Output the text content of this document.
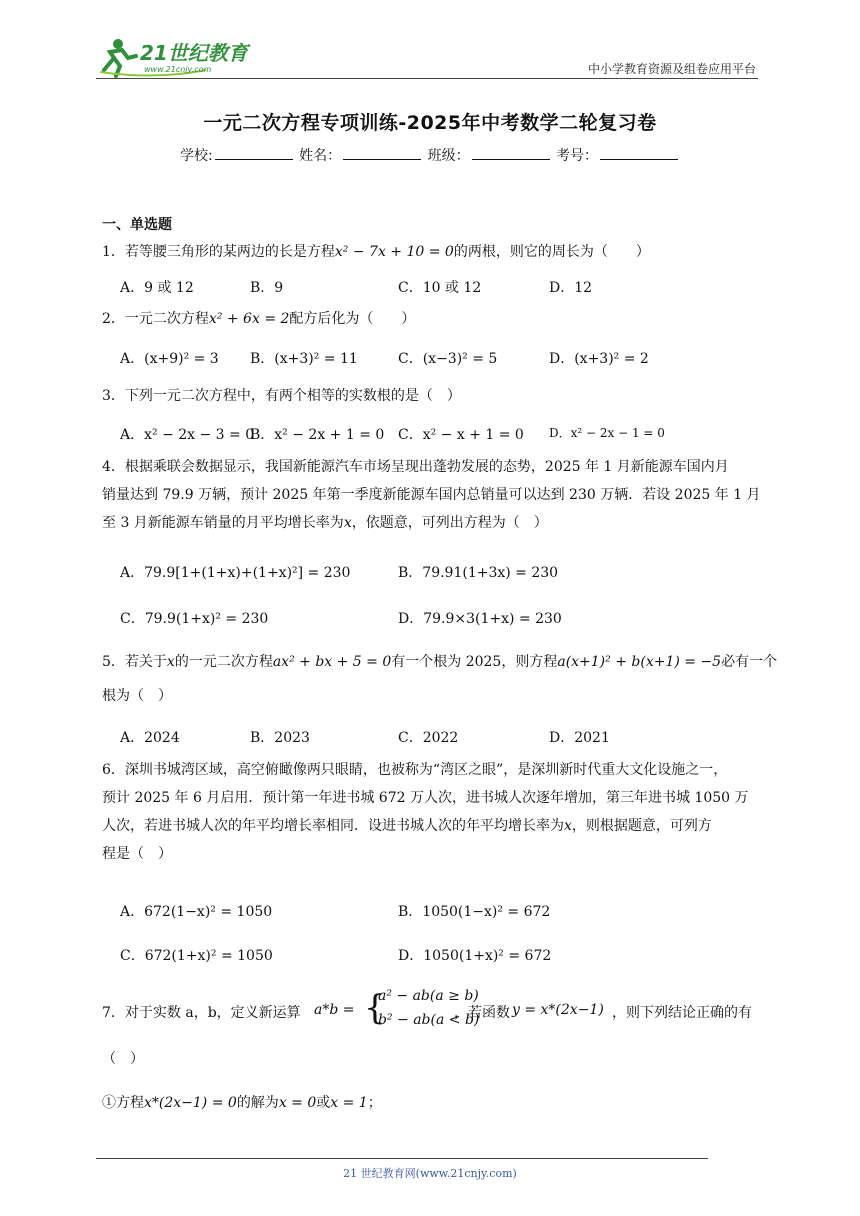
21世纪教育
www.21cnjy.com	中小学教育资源及组卷应用平台
一元二次方程专项训练-2025年中考数学二轮复习卷
学校:	姓名：	班级：	考号：
一、单选题
1．若等腰三角形的某两边的长是方程x² − 7x + 10 = 0的两根，则它的周长为（　　）
A．9 或 12	B．9	C．10 或 12	D．12
2．一元二次方程x² + 6x = 2配方后化为（　　）
A．(x+9)² = 3 B．(x+3)² = 11	C．(x−3)² = 5	D．(x+3)² = 2
3．下列一元二次方程中，有两个相等的实数根的是（　）
A．x² − 2x − 3 = 0
B．x² − 2x + 1 = 0 C．x² − x + 1 = 0 D．x² − 2x − 1 = 0
4．根据乘联会数据显示，我国新能源汽车市场呈现出蓬勃发展的态势，2025 年 1 月新能源车国内月
销量达到 79.9 万辆，预计 2025 年第一季度新能源车国内总销量可以达到 230 万辆．若设 2025 年 1 月
至 3 月新能源车销量的月平均增长率为x，依题意，可列出方程为（　）
A．79.9[1+(1+x)+(1+x)²] = 230	B．79.91(1+3x) = 230
C．79.9(1+x)² = 230	D．79.9×3(1+x) = 230
5．若关于x的一元二次方程ax² + bx + 5 = 0有一个根为 2025，则方程a(x+1)² + b(x+1) = −5必有一个
根为（　）
A．2024	B．2023	C．2022	D．2021
6．深圳书城湾区域，高空俯瞰像两只眼睛，也被称为“湾区之眼”，是深圳新时代重大文化设施之一，
预计 2025 年 6 月启用．预计第一年进书城 672 万人次，进书城人次逐年增加，第三年进书城 1050 万
人次，若进书城人次的年平均增长率相同．设进书城人次的年平均增长率为x，则根据题意，可列方
程是（　）
A．672(1−x)² = 1050	B．1050(1−x)² = 672
C．672(1+x)² = 1050	D．1050(1+x)² = 672
7．对于实数 a，b，定义新运算 a*b = {
a² − ab(a ≥ b)
b² − ab(a < b)
，若函数 y = x*(2x−1) ，则下列结论正确的有
（　）
①方程x*(2x−1) = 0的解为x = 0或x = 1；
21 世纪教育网(www.21cnjy.com)
